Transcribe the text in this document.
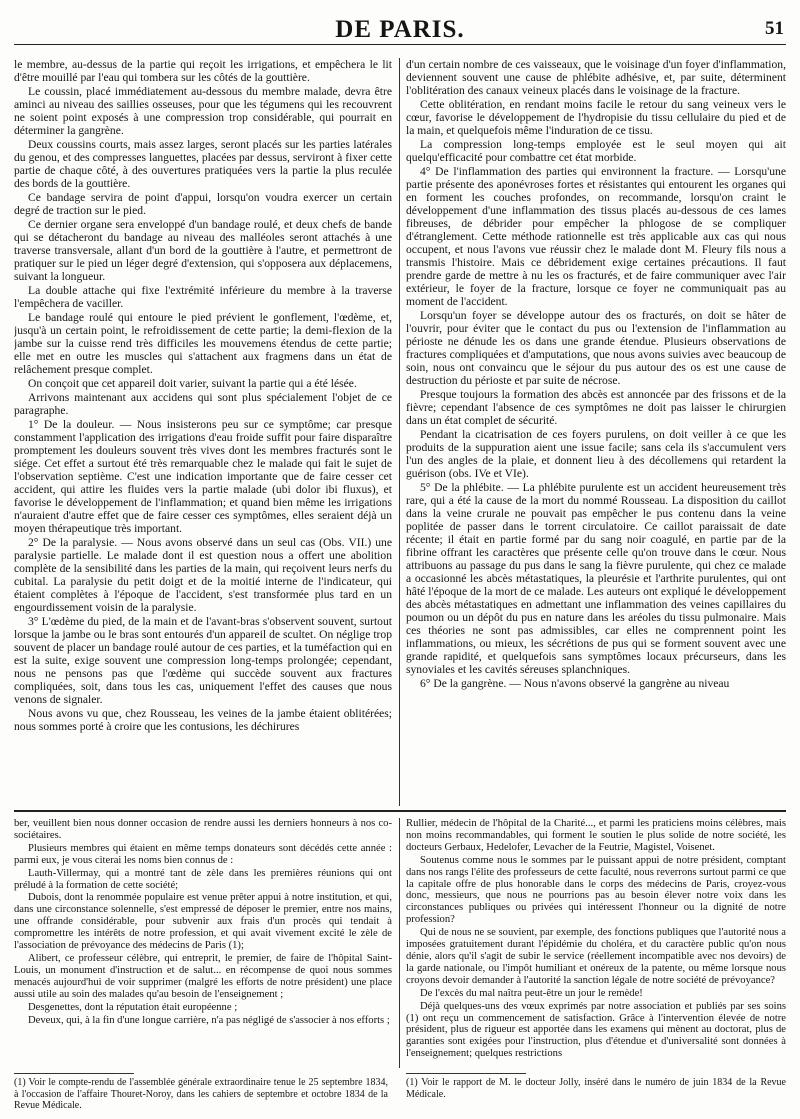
DE PARIS.	51

le membre, au-dessus de la partie qui reçoit les irrigations, et empêchera le lit d'être mouillé par l'eau qui tombera sur les côtés de la gouttière.

Le coussin, placé immédiatement au-dessous du membre malade, devra être aminci au niveau des saillies osseuses, pour que les tégumens qui les recouvrent ne soient point exposés à une compression trop considérable, qui pourrait en déterminer la gangrène.

Deux coussins courts, mais assez larges, seront placés sur les parties latérales du genou, et des compresses languettes, placées par dessus, serviront à fixer cette partie de chaque côté, à des ouvertures pratiquées vers la partie la plus reculée des bords de la gouttière.

Ce bandage servira de point d'appui, lorsqu'on voudra exercer un certain degré de traction sur le pied.

Ce dernier organe sera enveloppé d'un bandage roulé, et deux chefs de bande qui se détacheront du bandage au niveau des malléoles seront attachés à une traverse transversale, allant d'un bord de la gouttière à l'autre, et permettront de pratiquer sur le pied un léger degré d'extension, qui s'opposera aux déplacemens, suivant la longueur.

La double attache qui fixe l'extrémité inférieure du membre à la traverse l'empêchera de vaciller.

Le bandage roulé qui entoure le pied prévient le gonflement, l'œdème, et, jusqu'à un certain point, le refroidissement de cette partie; la demi-flexion de la jambe sur la cuisse rend très difficiles les mouvemens étendus de cette partie; elle met en outre les muscles qui s'attachent aux fragmens dans un état de relâchement presque complet.

On conçoit que cet appareil doit varier, suivant la partie qui a été lésée.

Arrivons maintenant aux accidens qui sont plus spécialement l'objet de ce paragraphe.

1° De la douleur. — Nous insisterons peu sur ce symptôme; car presque constamment l'application des irrigations d'eau froide suffit pour faire disparaître promptement les douleurs souvent très vives dont les membres fracturés sont le siége. Cet effet a surtout été très remarquable chez le malade qui fait le sujet de l'observation septième. C'est une indication importante que de faire cesser cet accident, qui attire les fluides vers la partie malade (ubi dolor ibi fluxus), et favorise le développement de l'inflammation; et quand bien même les irrigations n'auraient d'autre effet que de faire cesser ces symptômes, elles seraient déjà un moyen thérapeutique très important.

2° De la paralysie. — Nous avons observé dans un seul cas (Obs. VII.) une paralysie partielle. Le malade dont il est question nous a offert une abolition complète de la sensibilité dans les parties de la main, qui reçoivent leurs nerfs du cubital. La paralysie du petit doigt et de la moitié interne de l'indicateur, qui étaient complètes à l'époque de l'accident, s'est transformée plus tard en un engourdissement voisin de la paralysie.

3° L'œdème du pied, de la main et de l'avant-bras s'observent souvent, surtout lorsque la jambe ou le bras sont entourés d'un appareil de scultet. On néglige trop souvent de placer un bandage roulé autour de ces parties, et la tuméfaction qui en est la suite, exige souvent une compression long-temps prolongée; cependant, nous ne pensons pas que l'œdème qui succède souvent aux fractures compliquées, soit, dans tous les cas, uniquement l'effet des causes que nous venons de signaler.

Nous avons vu que, chez Rousseau, les veines de la jambe étaient oblitérées; nous sommes porté à croire que les contusions, les déchirures

d'un certain nombre de ces vaisseaux, que le voisinage d'un foyer d'inflammation, deviennent souvent une cause de phlébite adhésive, et, par suite, déterminent l'oblitération des canaux veineux placés dans le voisinage de la fracture.

Cette oblitération, en rendant moins facile le retour du sang veineux vers le cœur, favorise le développement de l'hydropisie du tissu cellulaire du pied et de la main, et quelquefois même l'induration de ce tissu.

La compression long-temps employée est le seul moyen qui ait quelqu'efficacité pour combattre cet état morbide.

4° De l'inflammation des parties qui environnent la fracture. — Lorsqu'une partie présente des aponévroses fortes et résistantes qui entourent les organes qui en forment les couches profondes, on recommande, lorsqu'on craint le développement d'une inflammation des tissus placés au-dessous de ces lames fibreuses, de débrider pour empêcher la phlogose de se compliquer d'étranglement. Cette méthode rationnelle est très applicable aux cas qui nous occupent, et nous l'avons vue réussir chez le malade dont M. Fleury fils nous a transmis l'histoire. Mais ce débridement exige certaines précautions. Il faut prendre garde de mettre à nu les os fracturés, et de faire communiquer avec l'air extérieur, le foyer de la fracture, lorsque ce foyer ne communiquait pas au moment de l'accident.

Lorsqu'un foyer se développe autour des os fracturés, on doit se hâter de l'ouvrir, pour éviter que le contact du pus ou l'extension de l'inflammation au périoste ne dénude les os dans une grande étendue. Plusieurs observations de fractures compliquées et d'amputations, que nous avons suivies avec beaucoup de soin, nous ont convaincu que le séjour du pus autour des os est une cause de destruction du périoste et par suite de nécrose.

Presque toujours la formation des abcès est annoncée par des frissons et de la fièvre; cependant l'absence de ces symptômes ne doit pas laisser le chirurgien dans un état complet de sécurité.

Pendant la cicatrisation de ces foyers purulens, on doit veiller à ce que les produits de la suppuration aient une issue facile; sans cela ils s'accumulent vers l'un des angles de la plaie, et donnent lieu à des décollemens qui retardent la guérison (obs. IVe et VIe).

5° De la phlébite. — La phlébite purulente est un accident heureusement très rare, qui a été la cause de la mort du nommé Rousseau. La disposition du caillot dans la veine crurale ne pouvait pas empêcher le pus contenu dans la veine poplitée de passer dans le torrent circulatoire. Ce caillot paraissait de date récente; il était en partie formé par du sang noir coagulé, en partie par de la fibrine offrant les caractères que présente celle qu'on trouve dans le cœur. Nous attribuons au passage du pus dans le sang la fièvre purulente, qui chez ce malade a occasionné les abcès métastatiques, la pleurésie et l'arthrite purulentes, qui ont hâté l'époque de la mort de ce malade. Les auteurs ont expliqué le développement des abcès métastatiques en admettant une inflammation des veines capillaires du poumon ou un dépôt du pus en nature dans les aréoles du tissu pulmonaire. Mais ces théories ne sont pas admissibles, car elles ne comprennent point les inflammations, ou mieux, les sécrétions de pus qui se forment souvent avec une grande rapidité, et quelquefois sans symptômes locaux précurseurs, dans les synoviales et les cavités séreuses splanchniques.

6° De la gangrène. — Nous n'avons observé la gangrène au niveau

ber, veuillent bien nous donner occasion de rendre aussi les derniers honneurs à nos co-sociétaires.

Plusieurs membres qui étaient en même temps donateurs sont décédés cette année : parmi eux, je vous citerai les noms bien connus de :

Lauth-Villermay, qui a montré tant de zèle dans les premières réunions qui ont préludé à la formation de cette société;

Dubois, dont la renommée populaire est venue prêter appui à notre institution, et qui, dans une circonstance solennelle, s'est empressé de déposer le premier, entre nos mains, une offrande considérable, pour subvenir aux frais d'un procès qui tendait à compromettre les intérêts de notre profession, et qui avait vivement excité le zèle de l'association de prévoyance des médecins de Paris (1);

Alibert, ce professeur célèbre, qui entreprit, le premier, de faire de l'hôpital Saint-Louis, un monument d'instruction et de salut... en récompense de quoi nous sommes menacés aujourd'hui de voir supprimer (malgré les efforts de notre président) une place aussi utile au soin des malades qu'au besoin de l'enseignement ;

Desgenettes, dont la réputation était européenne ;

Deveux, qui, à la fin d'une longue carrière, n'a pas négligé de s'associer à nos efforts ;

Rullier, médecin de l'hôpital de la Charité..., et parmi les praticiens moins célèbres, mais non moins recommandables, qui forment le soutien le plus solide de notre société, les docteurs Gerbaux, Hedelofer, Levacher de la Feutrie, Magistel, Voisenet.

Soutenus comme nous le sommes par le puissant appui de notre président, comptant dans nos rangs l'élite des professeurs de cette faculté, nous reverrons surtout parmi ce que la capitale offre de plus honorable dans le corps des médecins de Paris, croyez-vous donc, messieurs, que nous ne pourrions pas au besoin élever notre voix dans les circonstances publiques ou privées qui intéressent l'honneur ou la dignité de notre profession?

Qui de nous ne se souvient, par exemple, des fonctions publiques que l'autorité nous a imposées gratuitement durant l'épidémie du choléra, et du caractère public qu'on nous dénie, alors qu'il s'agit de subir le service (réellement incompatible avec nos devoirs) de la garde nationale, ou l'impôt humiliant et onéreux de la patente, ou même lorsque nous croyons devoir demander à l'autorité la sanction légale de notre société de prévoyance?

De l'excès du mal naîtra peut-être un jour le remède!

Déjà quelques-uns des vœux exprimés par notre association et publiés par ses soins (1) ont reçu un commencement de satisfaction. Grâce à l'intervention élevée de notre président, plus de rigueur est apportée dans les examens qui mènent au doctorat, plus de garanties sont exigées pour l'instruction, plus d'étendue et d'universalité sont données à l'enseignement; quelques restrictions

(1) Voir le compte-rendu de l'assemblée générale extraordinaire tenue le 25 septembre 1834, à l'occasion de l'affaire Thouret-Noroy, dans les cahiers de septembre et octobre 1834 de la Revue Médicale.
(1) Voir le rapport de M. le docteur Jolly, inséré dans le numéro de juin 1834 de la Revue Médicale.
